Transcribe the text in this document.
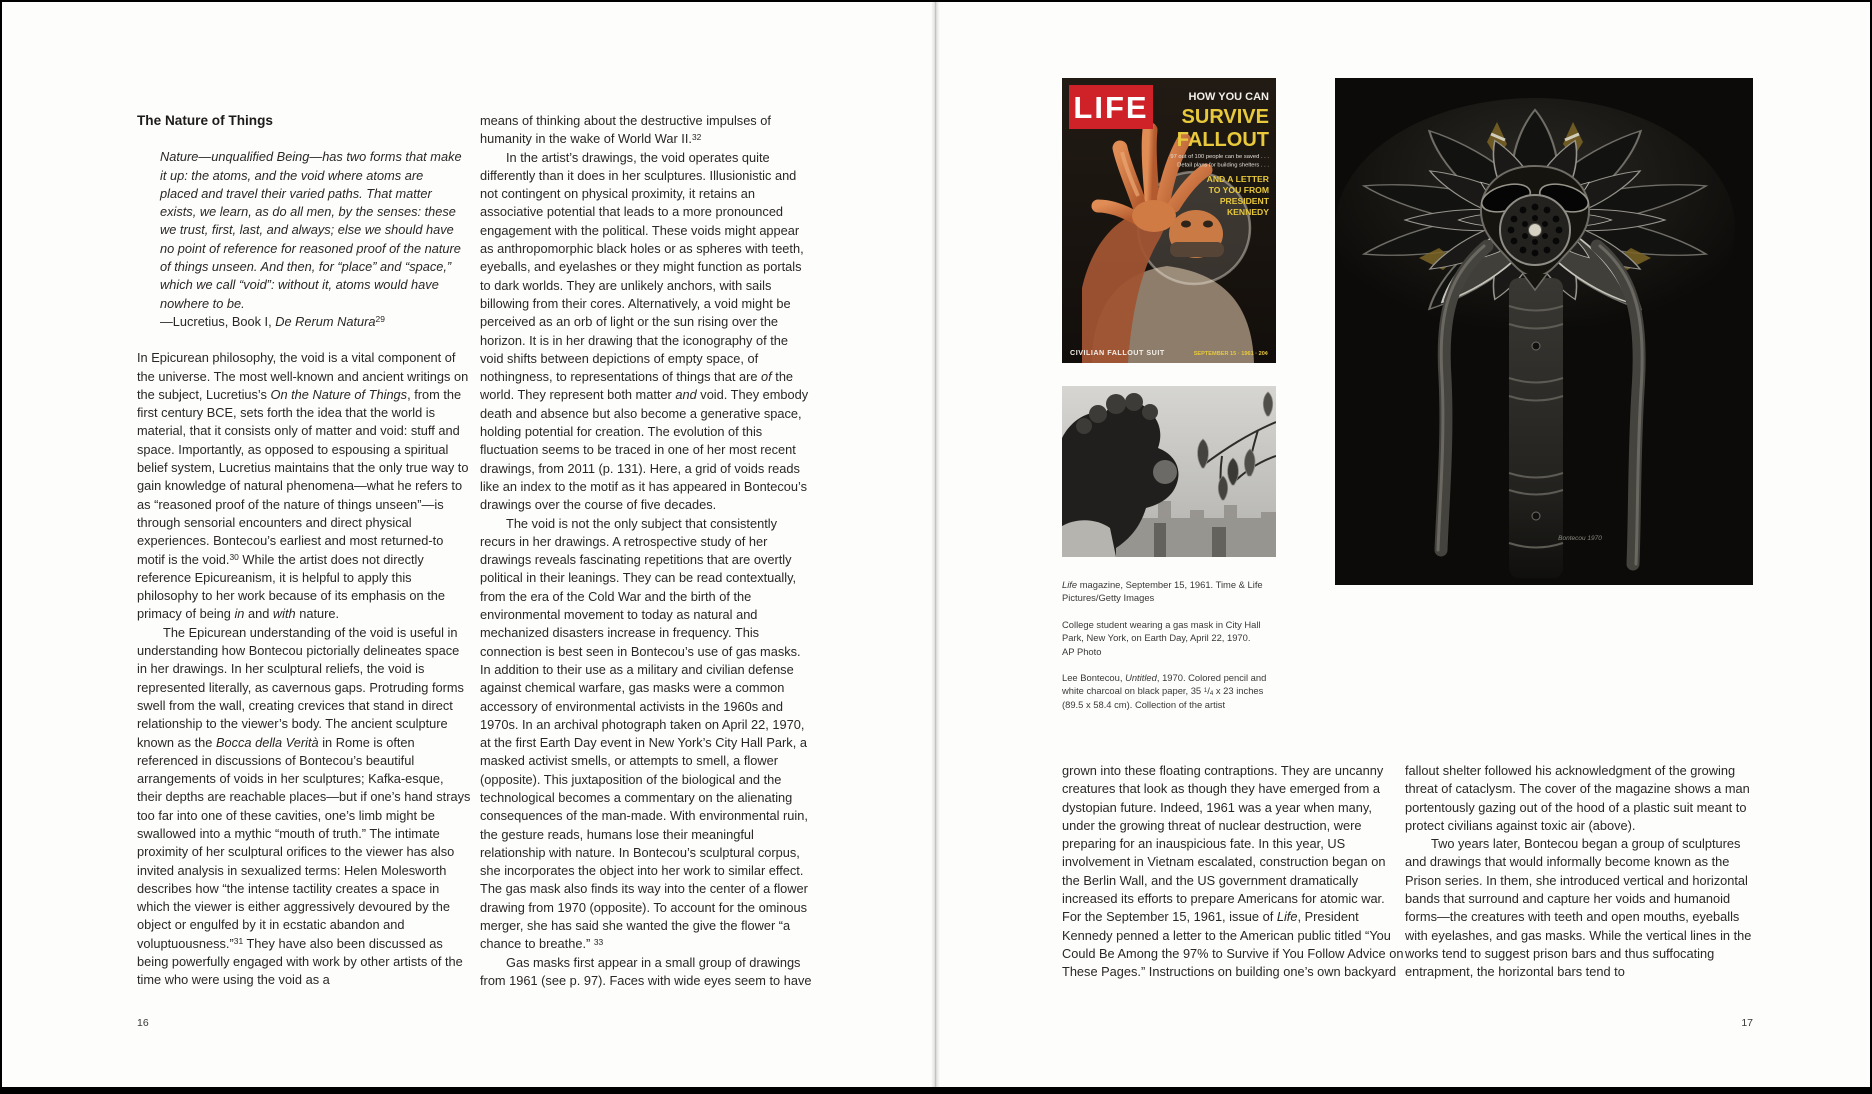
The Nature of Things

Nature—unqualified Being—has two forms that make it up: the atoms, and the void where atoms are placed and travel their varied paths. That matter exists, we learn, as do all men, by the senses: these we trust, first, last, and always; else we should have no point of reference for reasoned proof of the nature of things unseen. And then, for “place” and “space,” which we call “void”: without it, atoms would have nowhere to be.

—Lucretius, Book I, De Rerum Natura$^{29}$

In Epicurean philosophy, the void is a vital component of the universe. The most well-known and ancient writings on the subject, Lucretius’s On the Nature of Things, from the first century BCE, sets forth the idea that the world is material, that it consists only of matter and void: stuff and space. Importantly, as opposed to espousing a spiritual belief system, Lucretius maintains that the only true way to gain knowledge of natural phenomena—what he refers to as “reasoned proof of the nature of things unseen”—is through sensorial encounters and direct physical experiences. Bontecou’s earliest and most returned-to motif is the void.$^{30}$ While the artist does not directly reference Epicureanism, it is helpful to apply this philosophy to her work because of its emphasis on the primacy of being in and with nature.

The Epicurean understanding of the void is useful in understanding how Bontecou pictorially delineates space in her drawings. In her sculptural reliefs, the void is represented literally, as cavernous gaps. Protruding forms swell from the wall, creating crevices that stand in direct relationship to the viewer’s body. The ancient sculpture known as the Bocca della Verità in Rome is often referenced in discussions of Bontecou’s beautiful arrangements of voids in her sculptures; Kafka-esque, their depths are reachable places—but if one’s hand strays too far into one of these cavities, one’s limb might be swallowed into a mythic “mouth of truth.” The intimate proximity of her sculptural orifices to the viewer has also invited analysis in sexualized terms: Helen Molesworth describes how “the intense tactility creates a space in which the viewer is either aggressively devoured by the object or engulfed by it in ecstatic abandon and voluptuousness.”$^{31}$ They have also been discussed as being powerfully engaged with work by other artists of the time who were using the void as a

means of thinking about the destructive impulses of humanity in the wake of World War II.$^{32}$

In the artist’s drawings, the void operates quite differently than it does in her sculptures. Illusionistic and not contingent on physical proximity, it retains an associative potential that leads to a more pronounced engagement with the political. These voids might appear as anthropomorphic black holes or as spheres with teeth, eyeballs, and eyelashes or they might function as portals to dark worlds. They are unlikely anchors, with sails billowing from their cores. Alternatively, a void might be perceived as an orb of light or the sun rising over the horizon. It is in her drawing that the iconography of the void shifts between depictions of empty space, of nothingness, to representations of things that are of the world. They represent both matter and void. They embody death and absence but also become a generative space, holding potential for creation. The evolution of this fluctuation seems to be traced in one of her most recent drawings, from 2011 (p. 131). Here, a grid of voids reads like an index to the motif as it has appeared in Bontecou’s drawings over the course of five decades.

The void is not the only subject that consistently recurs in her drawings. A retrospective study of her drawings reveals fascinating repetitions that are overtly political in their leanings. They can be read contextually, from the era of the Cold War and the birth of the environmental movement to today as natural and mechanized disasters increase in frequency. This connection is best seen in Bontecou’s use of gas masks. In addition to their use as a military and civilian defense against chemical warfare, gas masks were a common accessory of environmental activists in the 1960s and 1970s. In an archival photograph taken on April 22, 1970, at the first Earth Day event in New York’s City Hall Park, a masked activist smells, or attempts to smell, a flower (opposite). This juxtaposition of the biological and the technological becomes a commentary on the alienating consequences of the man-made. With environmental ruin, the gesture reads, humans lose their meaningful relationship with nature. In Bontecou’s sculptural corpus, she incorporates the object into her work to similar effect. The gas mask also finds its way into the center of a flower drawing from 1970 (opposite). To account for the ominous merger, she has said she wanted the give the flower “a chance to breathe.” $^{33}$

Gas masks first appear in a small group of drawings from 1961 (see p. 97). Faces with wide eyes seem to have

16
LIFE	HOW YOU CAN
SURVIVE
FALLOUT
97 out of 100 people can be saved . . .
Detail plans for building shelters . . .
AND A LETTER
TO YOU FROM
PRESIDENT
KENNEDY
CIVILIAN FALLOUT SUIT	SEPTEMBER 15 · 1961 · 20¢

Life magazine, September 15, 1961. Time & Life Pictures/Getty Images

College student wearing a gas mask in City Hall Park, New York, on Earth Day, April 22, 1970.
AP Photo

Lee Bontecou, Untitled, 1970. Colored pencil and white charcoal on black paper, 35 $^1/_4$ x 23 inches (89.5 x 58.4 cm). Collection of the artist

Bontecou 1970

grown into these floating contraptions. They are uncanny creatures that look as though they have emerged from a dystopian future. Indeed, 1961 was a year when many, under the growing threat of nuclear destruction, were preparing for an inauspicious fate. In this year, US involvement in Vietnam escalated, construction began on the Berlin Wall, and the US government dramatically increased its efforts to prepare Americans for atomic war. For the September 15, 1961, issue of Life, President Kennedy penned a letter to the American public titled “You Could Be Among the 97% to Survive if You Follow Advice on These Pages.” Instructions on building one’s own backyard

fallout shelter followed his acknowledgment of the growing threat of cataclysm. The cover of the magazine shows a man portentously gazing out of the hood of a plastic suit meant to protect civilians against toxic air (above).

Two years later, Bontecou began a group of sculptures and drawings that would informally become known as the Prison series. In them, she introduced vertical and horizontal bands that surround and capture her voids and humanoid forms—the creatures with teeth and open mouths, eyeballs with eyelashes, and gas masks. While the vertical lines in the works tend to suggest prison bars and thus suffocating entrapment, the horizontal bars tend to

17
